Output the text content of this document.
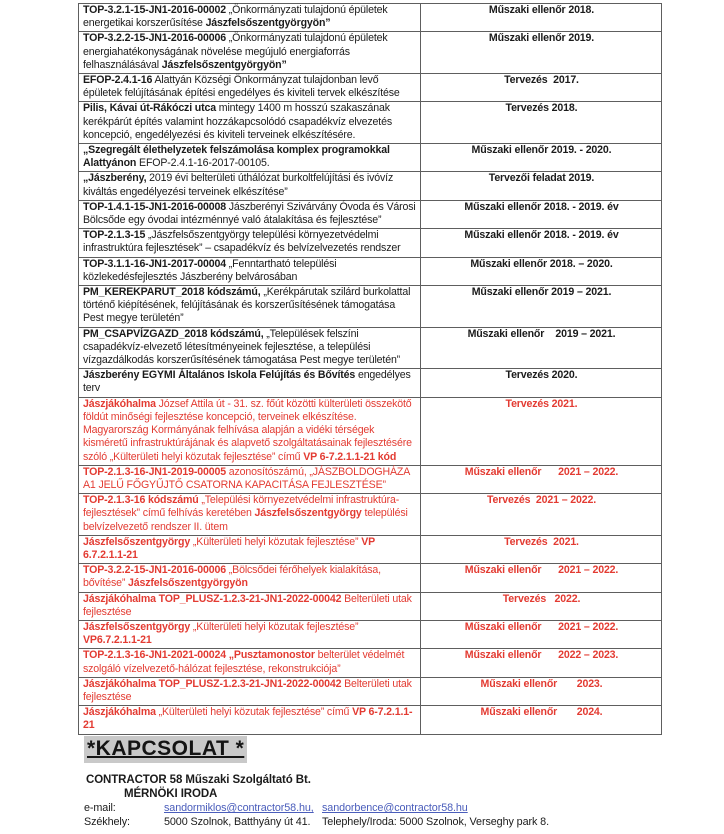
TOP-3.2.1-15-JN1-2016-00002 „Önkormányzati tulajdonú épületek energetikai korszerűsítése Jászfelsőszentgyörgyön”	Műszaki ellenőr 2018.
TOP-3.2.2-15-JN1-2016-00006 „Önkormányzati tulajdonú épületek energiahatékonyságának növelése megújuló energiaforrás felhasználásával Jászfelsőszentgyörgyön”	Műszaki ellenőr 2019.
EFOP-2.4.1-16 Alattyán Községi Önkormányzat tulajdonban levő épületek felújításának építési engedélyes és kiviteli tervek elkészítése	Tervezés  2017.
Pilis, Kávai út-Rákóczi utca mintegy 1400 m hosszú szakaszának kerékpárút építés valamint hozzákapcsolódó csapadékvíz elvezetés koncepció, engedélyezési és kiviteli terveinek elkészítésére.	Tervezés 2018.
„Szegregált élethelyzetek felszámolása komplex programokkal Alattyánon EFOP-2.4.1-16-2017-00105.	Műszaki ellenőr 2019. - 2020.
„Jászberény, 2019 évi belterületi úthálózat burkoltfelújítási és ivóvíz kiváltás engedélyezési terveinek elkészítése”	Tervezői feladat 2019.
TOP-1.4.1-15-JN1-2016-00008 Jászberényi Szivárvány Óvoda és Városi Bölcsőde egy óvodai intézménnyé való átalakítása és fejlesztése”	Műszaki ellenőr 2018. - 2019. év
TOP-2.1.3-15 „Jászfelsőszentgyörgy települési környezetvédelmi infrastruktúra fejlesztések” – csapadékvíz és belvízelvezetés rendszer	Műszaki ellenőr 2018. - 2019. év
TOP-3.1.1-16-JN1-2017-00004 „Fenntartható települési közlekedésfejlesztés Jászberény belvárosában	Műszaki ellenőr 2018. – 2020.
PM_KEREKPARUT_2018 kódszámú, „Kerékpárutak szilárd burkolattal történő kiépítésének, felújításának és korszerűsítésének támogatása Pest megye területén”	Műszaki ellenőr 2019 – 2021.
PM_CSAPVÍZGAZD_2018 kódszámú, „Települések felszíni csapadékvíz-elvezető létesítményeinek fejlesztése, a települési vízgazdálkodás korszerűsítésének támogatása Pest megye területén”	Műszaki ellenőr    2019 – 2021.
Jászberény EGYMI Általános Iskola Felújítás és Bővítés engedélyes terv	Tervezés 2020.
Jászjákóhalma József Attila út - 31. sz. főút közötti külterületi összekötő földút minőségi fejlesztése koncepció, terveinek elkészítése. Magyarország Kormányának felhívása alapján a vidéki térségek kisméretű infrastruktúrájának és alapvető szolgáltatásainak fejlesztésére szóló „Külterületi helyi közutak fejlesztése” című VP 6-7.2.1.1-21 kód	Tervezés 2021.
TOP-2.1.3-16-JN1-2019-00005 azonosítószámú, „JÁSZBOLDOGHÁZA A1 JELŰ FŐGYŰJTŐ CSATORNA KAPACITÁSA FEJLESZTÉSE”	Műszaki ellenőr      2021 – 2022.
TOP-2.1.3-16 kódszámú „Települési környezetvédelmi infrastruktúra-fejlesztések” című felhívás keretében Jászfelsőszentgyörgy települési belvízelvezető rendszer II. ütem	Tervezés  2021 – 2022.
Jászfelsőszentgyörgy „Külterületi helyi közutak fejlesztése” VP 6.7.2.1.1-21	Tervezés  2021.
TOP-3.2.2-15-JN1-2016-00006 „Bölcsődei férőhelyek kialakítása, bővítése” Jászfelsőszentgyörgyön	Műszaki ellenőr      2021 – 2022.
Jászjákóhalma TOP_PLUSZ-1.2.3-21-JN1-2022-00042 Belterületi utak fejlesztése	Tervezés   2022.
Jászfelsőszentgyörgy „Külterületi helyi közutak fejlesztése” VP6.7.2.1.1-21	Műszaki ellenőr      2021 – 2022.
TOP-2.1.3-16-JN1-2021-00024 „Pusztamonostor belterület védelmét szolgáló vízelvezető-hálózat fejlesztése, rekonstrukciója”	Műszaki ellenőr      2022 – 2023.
Jászjákóhalma TOP_PLUSZ-1.2.3-21-JN1-2022-00042 Belterületi utak fejlesztése	Műszaki ellenőr       2023.
Jászjákóhalma „Külterületi helyi közutak fejlesztése” című VP 6-7.2.1.1-21	Műszaki ellenőr       2024.
*KAPCSOLAT *
CONTRACTOR 58 Műszaki Szolgáltató Bt.
MÉRNÖKI IRODA
e-mail:	sandormiklos@contractor58.hu, sandorbence@contractor58.hu
Székhely:	5000 Szolnok, Batthyány út 41. Telephely/Iroda: 5000 Szolnok, Verseghy park 8.
